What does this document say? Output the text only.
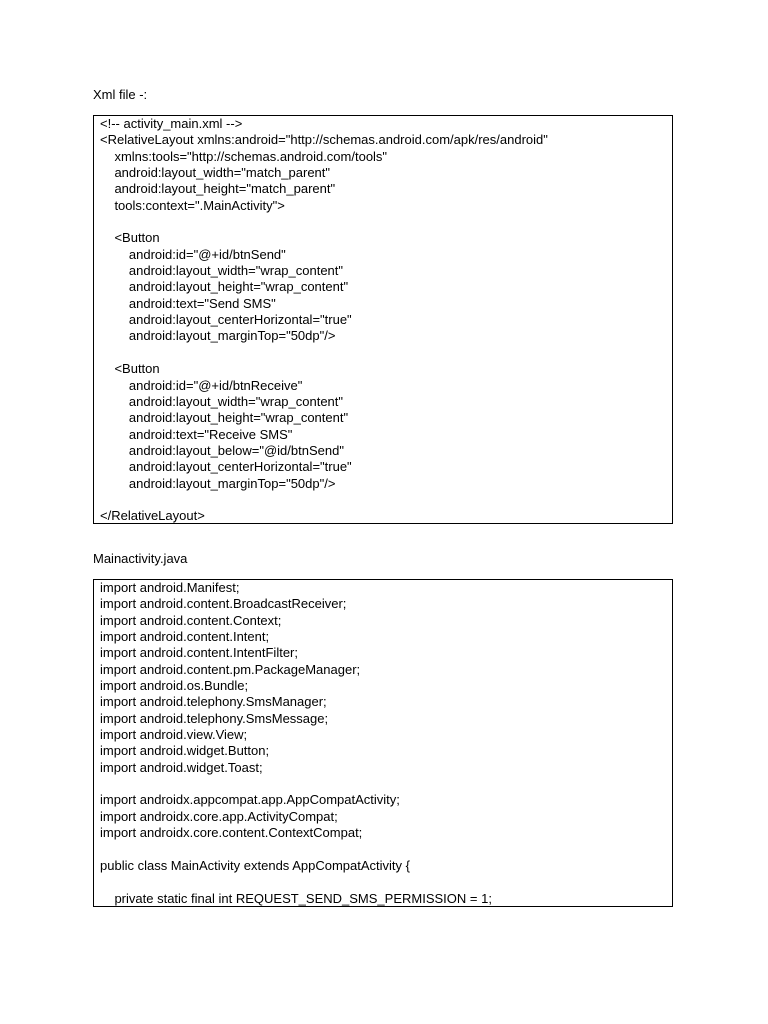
Xml file -:
<!-- activity_main.xml -->
<RelativeLayout xmlns:android="http://schemas.android.com/apk/res/android"
xmlns:tools="http://schemas.android.com/tools"
android:layout_width="match_parent"
android:layout_height="match_parent"
tools:context=".MainActivity">
<Button
android:id="@+id/btnSend"
android:layout_width="wrap_content"
android:layout_height="wrap_content"
android:text="Send SMS"
android:layout_centerHorizontal="true"
android:layout_marginTop="50dp"/>
<Button
android:id="@+id/btnReceive"
android:layout_width="wrap_content"
android:layout_height="wrap_content"
android:text="Receive SMS"
android:layout_below="@id/btnSend"
android:layout_centerHorizontal="true"
android:layout_marginTop="50dp"/>
</RelativeLayout>
Mainactivity.java
import android.Manifest;
import android.content.BroadcastReceiver;
import android.content.Context;
import android.content.Intent;
import android.content.IntentFilter;
import android.content.pm.PackageManager;
import android.os.Bundle;
import android.telephony.SmsManager;
import android.telephony.SmsMessage;
import android.view.View;
import android.widget.Button;
import android.widget.Toast;
import androidx.appcompat.app.AppCompatActivity;
import androidx.core.app.ActivityCompat;
import androidx.core.content.ContextCompat;
public class MainActivity extends AppCompatActivity {
private static final int REQUEST_SEND_SMS_PERMISSION = 1;
